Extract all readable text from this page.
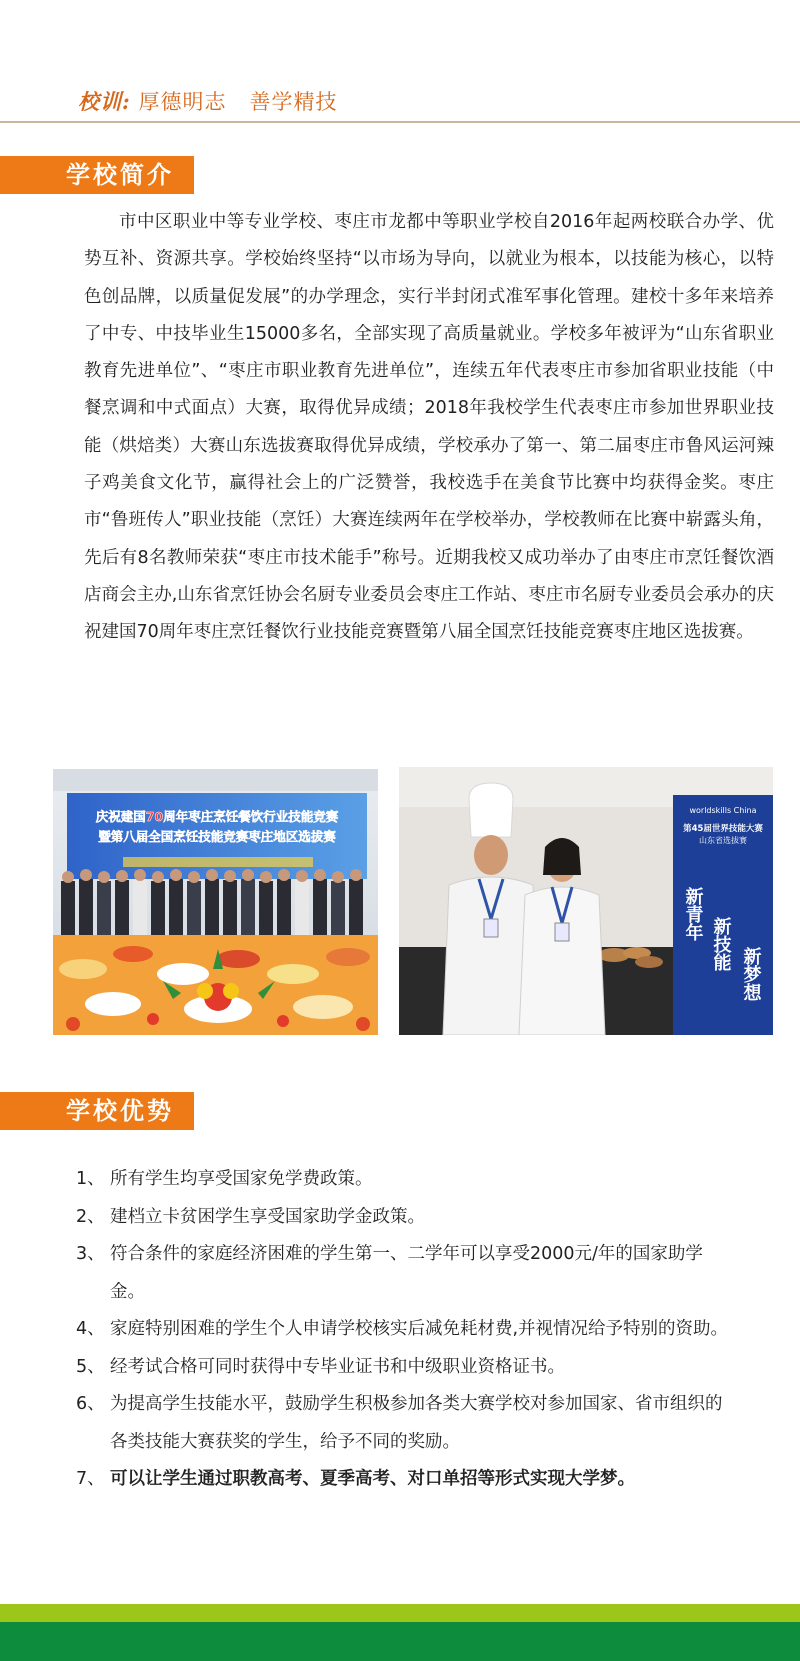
校训: 厚德明志   善学精技
学校简介
市中区职业中等专业学校、枣庄市龙都中等职业学校自2016年起两校联合办学、优势互补、资源共享。学校始终坚持“以市场为导向，以就业为根本，以技能为核心，以特色创品牌，以质量促发展”的办学理念，实行半封闭式准军事化管理。建校十多年来培养了中专、中技毕业生15000多名，全部实现了高质量就业。学校多年被评为“山东省职业教育先进单位”、“枣庄市职业教育先进单位”，连续五年代表枣庄市参加省职业技能（中餐烹调和中式面点）大赛，取得优异成绩；2018年我校学生代表枣庄市参加世界职业技能（烘焙类）大赛山东选拔赛取得优异成绩，学校承办了第一、第二届枣庄市鲁风运河辣子鸡美食文化节，赢得社会上的广泛赞誉，我校选手在美食节比赛中均获得金奖。枣庄市“鲁班传人”职业技能（烹饪）大赛连续两年在学校举办，学校教师在比赛中崭露头角，先后有8名教师荣获“枣庄市技术能手”称号。近期我校又成功举办了由枣庄市烹饪餐饮酒店商会主办,山东省烹饪协会名厨专业委员会枣庄工作站、枣庄市名厨专业委员会承办的庆祝建国70周年枣庄烹饪餐饮行业技能竞赛暨第八届全国烹饪技能竞赛枣庄地区选拔赛。
庆祝建国70周年枣庄烹饪餐饮行业技能竞赛
暨第八届全国烹饪技能竞赛枣庄地区选拔赛
worldskills China
第45届世界技能大赛
山东省选拔赛
新青年
新技能
新梦想
学校优势
1、 所有学生均享受国家免学费政策。
2、 建档立卡贫困学生享受国家助学金政策。
3、 符合条件的家庭经济困难的学生第一、二学年可以享受2000元/年的国家助学金。
4、 家庭特别困难的学生个人申请学校核实后减免耗材费,并视情况给予特别的资助。
5、 经考试合格可同时获得中专毕业证书和中级职业资格证书。
6、 为提高学生技能水平，鼓励学生积极参加各类大赛学校对参加国家、省市组织的各类技能大赛获奖的学生，给予不同的奖励。
7、 可以让学生通过职教高考、夏季高考、对口单招等形式实现大学梦。
